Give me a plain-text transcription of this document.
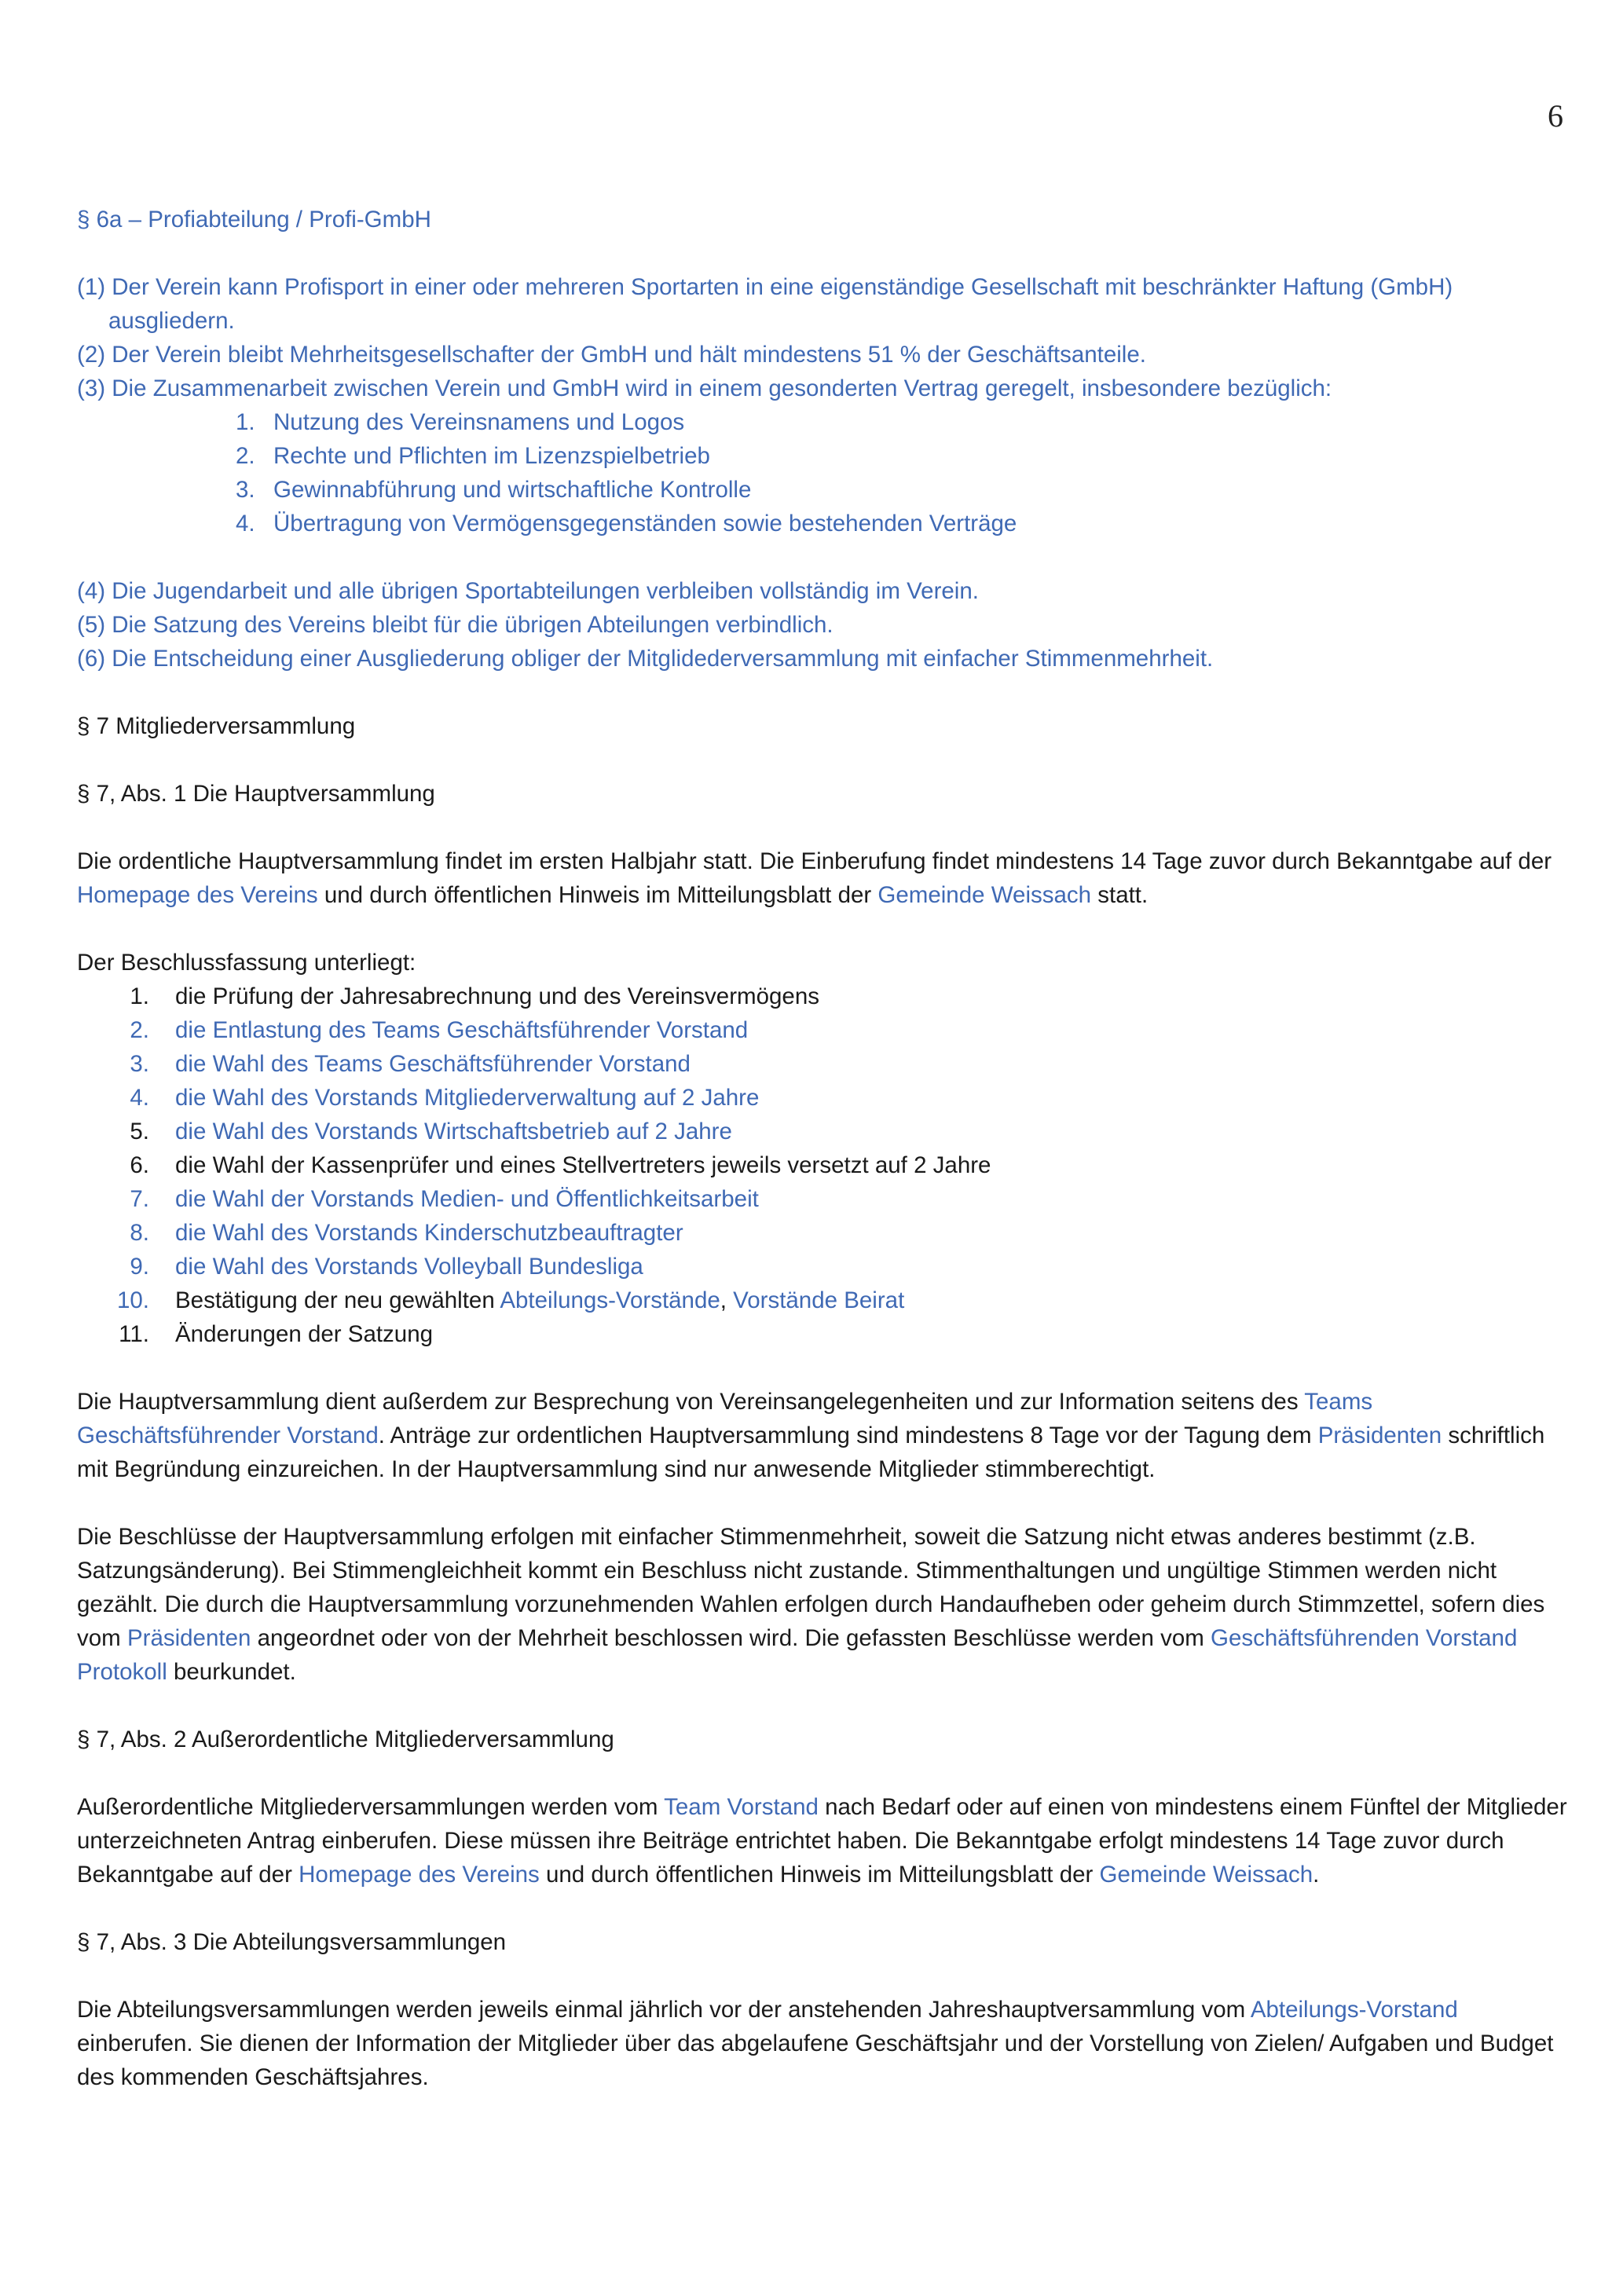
6

§ 6a – Profiabteilung / Profi-GmbH

(1) Der Verein kann Profisport in einer oder mehreren Sportarten in eine eigenständige Gesellschaft mit beschränkter Haftung (GmbH) ausgliedern.

(2) Der Verein bleibt Mehrheitsgesellschafter der GmbH und hält mindestens 51 % der Geschäftsanteile.

(3) Die Zusammenarbeit zwischen Verein und GmbH wird in einem gesonderten Vertrag geregelt, insbesondere bezüglich:

1. Nutzung des Vereinsnamens und Logos
2. Rechte und Pflichten im Lizenzspielbetrieb
3. Gewinnabführung und wirtschaftliche Kontrolle
4. Übertragung von Vermögensgegenständen sowie bestehenden Verträge

(4) Die Jugendarbeit und alle übrigen Sportabteilungen verbleiben vollständig im Verein.

(5) Die Satzung des Vereins bleibt für die übrigen Abteilungen verbindlich.

(6) Die Entscheidung einer Ausgliederung obliger der Mitglidederversammlung mit einfacher Stimmenmehrheit.

§ 7 Mitgliederversammlung

§ 7, Abs. 1 Die Hauptversammlung

Die ordentliche Hauptversammlung findet im ersten Halbjahr statt. Die Einberufung findet mindestens 14 Tage zuvor durch Bekanntgabe auf der Homepage des Vereins und durch öffentlichen Hinweis im Mitteilungsblatt der Gemeinde Weissach statt.

Der Beschlussfassung unterliegt:

1. die Prüfung der Jahresabrechnung und des Vereinsvermögens
2. die Entlastung des Teams Geschäftsführender Vorstand
3. die Wahl des Teams Geschäftsführender Vorstand
4. die Wahl des Vorstands Mitgliederverwaltung auf 2 Jahre
5. die Wahl des Vorstands Wirtschaftsbetrieb auf 2 Jahre
6. die Wahl der Kassenprüfer und eines Stellvertreters jeweils versetzt auf 2 Jahre
7. die Wahl der Vorstands Medien- und Öffentlichkeitsarbeit
8. die Wahl des Vorstands Kinderschutzbeauftragter
9. die Wahl des Vorstands Volleyball Bundesliga
10. Bestätigung der neu gewählten Abteilungs-Vorstände, Vorstände Beirat
11. Änderungen der Satzung

Die Hauptversammlung dient außerdem zur Besprechung von Vereinsangelegenheiten und zur Information seitens des Teams Geschäftsführender Vorstand. Anträge zur ordentlichen Hauptversammlung sind mindestens 8 Tage vor der Tagung dem Präsidenten schriftlich mit Begründung einzureichen. In der Hauptversammlung sind nur anwesende Mitglieder stimmberechtigt.

Die Beschlüsse der Hauptversammlung erfolgen mit einfacher Stimmenmehrheit, soweit die Satzung nicht etwas anderes bestimmt (z.B. Satzungsänderung). Bei Stimmengleichheit kommt ein Beschluss nicht zustande. Stimmenthaltungen und ungültige Stimmen werden nicht gezählt. Die durch die Hauptversammlung vorzunehmenden Wahlen erfolgen durch Handaufheben oder geheim durch Stimmzettel, sofern dies vom Präsidenten angeordnet oder von der Mehrheit beschlossen wird. Die gefassten Beschlüsse werden vom Geschäftsführenden Vorstand Protokoll beurkundet.

§ 7, Abs. 2 Außerordentliche Mitgliederversammlung

Außerordentliche Mitgliederversammlungen werden vom Team Vorstand nach Bedarf oder auf einen von mindestens einem Fünftel der Mitglieder unterzeichneten Antrag einberufen. Diese müssen ihre Beiträge entrichtet haben. Die Bekanntgabe erfolgt mindestens 14 Tage zuvor durch Bekanntgabe auf der Homepage des Vereins und durch öffentlichen Hinweis im Mitteilungsblatt der Gemeinde Weissach.

§ 7, Abs. 3 Die Abteilungsversammlungen

Die Abteilungsversammlungen werden jeweils einmal jährlich vor der anstehenden Jahreshauptversammlung vom Abteilungs-Vorstand einberufen. Sie dienen der Information der Mitglieder über das abgelaufene Geschäftsjahr und der Vorstellung von Zielen/ Aufgaben und Budget des kommenden Geschäftsjahres.
